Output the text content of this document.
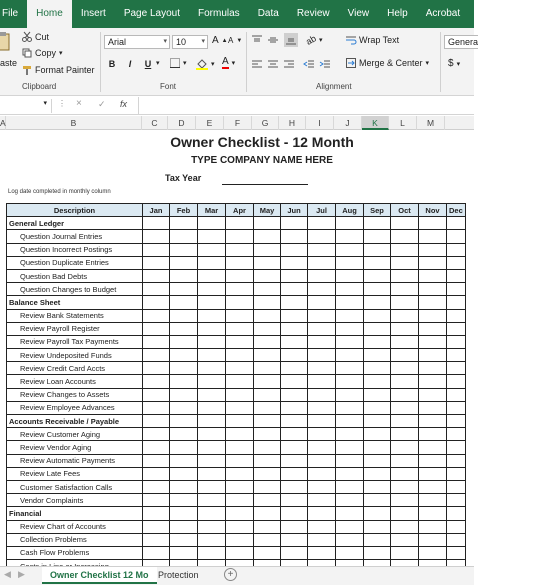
File	Home	Insert	Page Layout	Formulas	Data	Review	View	Help	Acrobat	QuickBooks
aste
Cut
Copy ▾
Format Painter
Clipboard
Arial	▾	10 ▾ A ▲ A ▼
B	I	U ▾	▾	▾ A ▾
Font
ab ▾	Wrap Text
Merge & Center ▾
Alignment
Genera
$ ▾
▾ ⋮ × ✓ fx
A	B	C	D	E	F	G	H	I	J	K	L	M
Owner Checklist - 12 Month
TYPE COMPANY NAME HERE
Tax Year
Log date completed in monthly column
Description	Jan	Feb	Mar	Apr	May	Jun	Jul	Aug	Sep	Oct	Nov	Dec
General Ledger												
Question Journal Entries												
Question Incorrect Postings												
Question Duplicate Entries												
Question Bad Debts												
Question Changes to Budget												
Balance Sheet												
Review Bank Statements												
Review Payroll Register												
Review Payroll Tax Payments												
Review Undeposited Funds												
Review Credit Card Accts												
Review Loan Accounts												
Review Changes to Assets												
Review Employee Advances												
Accounts Receivable / Payable												
Review Customer Aging												
Review Vendor Aging												
Review Automatic Payments												
Review Late Fees												
Customer Satisfaction Calls												
Vendor Complaints												
Financial												
Review Chart of Accounts												
Collection Problems												
Cash Flow Problems												

◀ ▶	Owner Checklist 12 Mo	Protection	+
